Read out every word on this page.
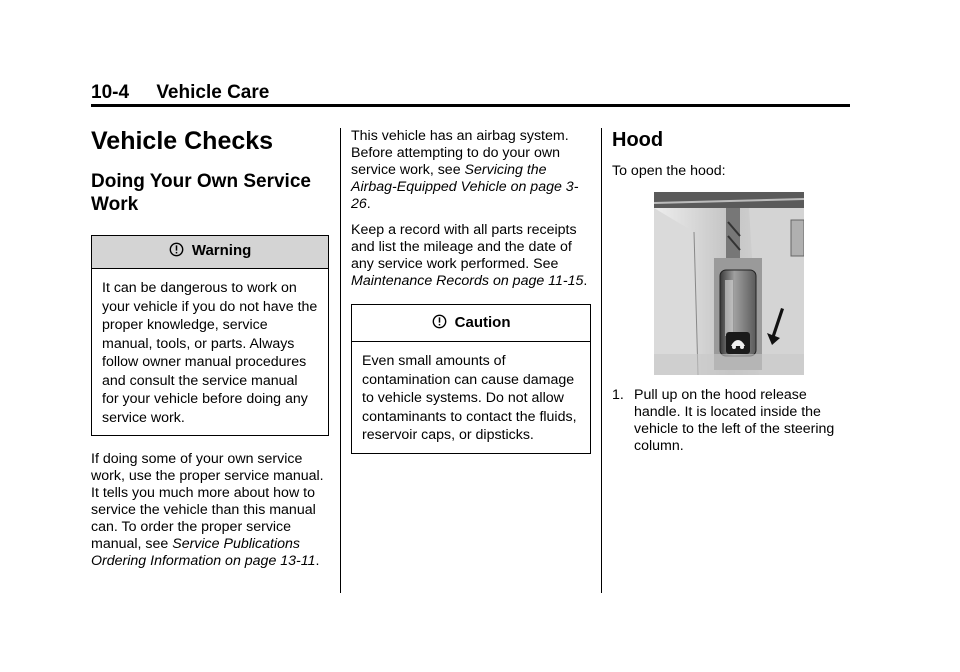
10-4 Vehicle Care
Vehicle Checks
Doing Your Own Service Work
Warning
It can be dangerous to work on your vehicle if you do not have the proper knowledge, service manual, tools, or parts. Always follow owner manual procedures and consult the service manual for your vehicle before doing any service work.

If doing some of your own service work, use the proper service manual. It tells you much more about how to service the vehicle than this manual can. To order the proper service manual, see Service Publications Ordering Information on page 13-11.

This vehicle has an airbag system. Before attempting to do your own service work, see Servicing the Airbag-Equipped Vehicle on page 3-26.

Keep a record with all parts receipts and list the mileage and the date of any service work performed. See Maintenance Records on page 11-15.

Caution
Even small amounts of contamination can cause damage to vehicle systems. Do not allow contaminants to contact the fluids, reservoir caps, or dipsticks.
Hood

To open the hood:

1. Pull up on the hood release handle. It is located inside the vehicle to the left of the steering column.
